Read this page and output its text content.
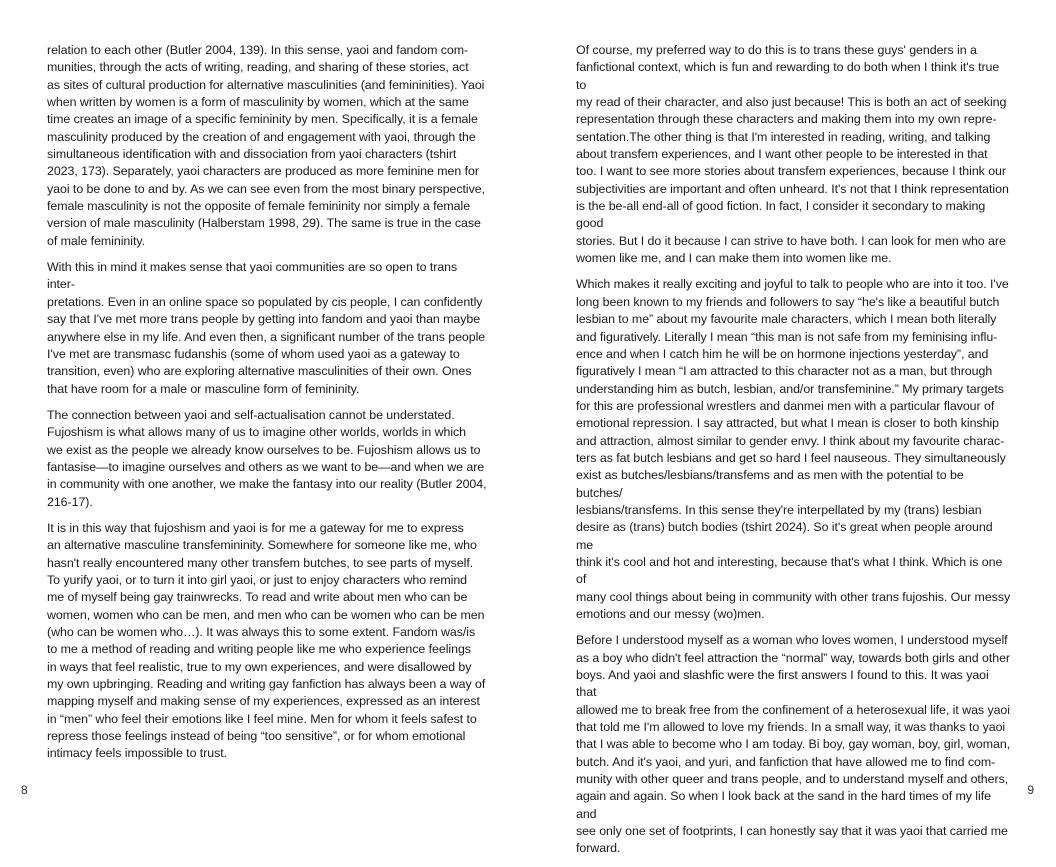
relation to each other (Butler 2004, 139). In this sense, yaoi and fandom com-
munities, through the acts of writing, reading, and sharing of these stories, act
as sites of cultural production for alternative masculinities (and femininities). Yaoi
when written by women is a form of masculinity by women, which at the same
time creates an image of a specific femininity by men. Specifically, it is a female
masculinity produced by the creation of and engagement with yaoi, through the
simultaneous identification with and dissociation from yaoi characters (tshirt
2023, 173). Separately, yaoi characters are produced as more feminine men for
yaoi to be done to and by. As we can see even from the most binary perspective,
female masculinity is not the opposite of female femininity nor simply a female
version of male masculinity (Halberstam 1998, 29). The same is true in the case
of male femininity.

With this in mind it makes sense that yaoi communities are so open to trans inter-
pretations. Even in an online space so populated by cis people, I can confidently
say that I've met more trans people by getting into fandom and yaoi than maybe
anywhere else in my life. And even then, a significant number of the trans people
I've met are transmasc fudanshis (some of whom used yaoi as a gateway to
transition, even) who are exploring alternative masculinities of their own. Ones
that have room for a male or masculine form of femininity.

The connection between yaoi and self-actualisation cannot be understated.
Fujoshism is what allows many of us to imagine other worlds, worlds in which
we exist as the people we already know ourselves to be. Fujoshism allows us to
fantasise—to imagine ourselves and others as we want to be—and when we are
in community with one another, we make the fantasy into our reality (Butler 2004,
216-17).

It is in this way that fujoshism and yaoi is for me a gateway for me to express
an alternative masculine transfemininity. Somewhere for someone like me, who
hasn't really encountered many other transfem butches, to see parts of myself.
To yurify yaoi, or to turn it into girl yaoi, or just to enjoy characters who remind
me of myself being gay trainwrecks. To read and write about men who can be
women, women who can be men, and men who can be women who can be men
(who can be women who…). It was always this to some extent. Fandom was/is
to me a method of reading and writing people like me who experience feelings
in ways that feel realistic, true to my own experiences, and were disallowed by
my own upbringing. Reading and writing gay fanfiction has always been a way of
mapping myself and making sense of my experiences, expressed as an interest
in “men” who feel their emotions like I feel mine. Men for whom it feels safest to
repress those feelings instead of being “too sensitive”, or for whom emotional
intimacy feels impossible to trust.

8

Of course, my preferred way to do this is to trans these guys' genders in a
fanfictional context, which is fun and rewarding to do both when I think it's true to
my read of their character, and also just because! This is both an act of seeking
representation through these characters and making them into my own repre-
sentation.The other thing is that I'm interested in reading, writing, and talking
about transfem experiences, and I want other people to be interested in that
too. I want to see more stories about transfem experiences, because I think our
subjectivities are important and often unheard. It's not that I think representation
is the be-all end-all of good fiction. In fact, I consider it secondary to making good
stories. But I do it because I can strive to have both. I can look for men who are
women like me, and I can make them into women like me.

Which makes it really exciting and joyful to talk to people who are into it too. I've
long been known to my friends and followers to say “he's like a beautiful butch
lesbian to me” about my favourite male characters, which I mean both literally
and figuratively. Literally I mean “this man is not safe from my feminising influ-
ence and when I catch him he will be on hormone injections yesterday”, and
figuratively I mean “I am attracted to this character not as a man, but through
understanding him as butch, lesbian, and/or transfeminine.” My primary targets
for this are professional wrestlers and danmei men with a particular flavour of
emotional repression. I say attracted, but what I mean is closer to both kinship
and attraction, almost similar to gender envy. I think about my favourite charac-
ters as fat butch lesbians and get so hard I feel nauseous. They simultaneously
exist as butches/lesbians/transfems and as men with the potential to be butches/
lesbians/transfems. In this sense they're interpellated by my (trans) lesbian
desire as (trans) butch bodies (tshirt 2024). So it's great when people around me
think it's cool and hot and interesting, because that's what I think. Which is one of
many cool things about being in community with other trans fujoshis. Our messy
emotions and our messy (wo)men.

Before I understood myself as a woman who loves women, I understood myself
as a boy who didn't feel attraction the “normal” way, towards both girls and other
boys. And yaoi and slashfic were the first answers I found to this. It was yaoi that
allowed me to break free from the confinement of a heterosexual life, it was yaoi
that told me I'm allowed to love my friends. In a small way, it was thanks to yaoi
that I was able to become who I am today. Bi boy, gay woman, boy, girl, woman,
butch. And it's yaoi, and yuri, and fanfiction that have allowed me to find com-
munity with other queer and trans people, and to understand myself and others,
again and again. So when I look back at the sand in the hard times of my life and
see only one set of footprints, I can honestly say that it was yaoi that carried me
forward.

9
